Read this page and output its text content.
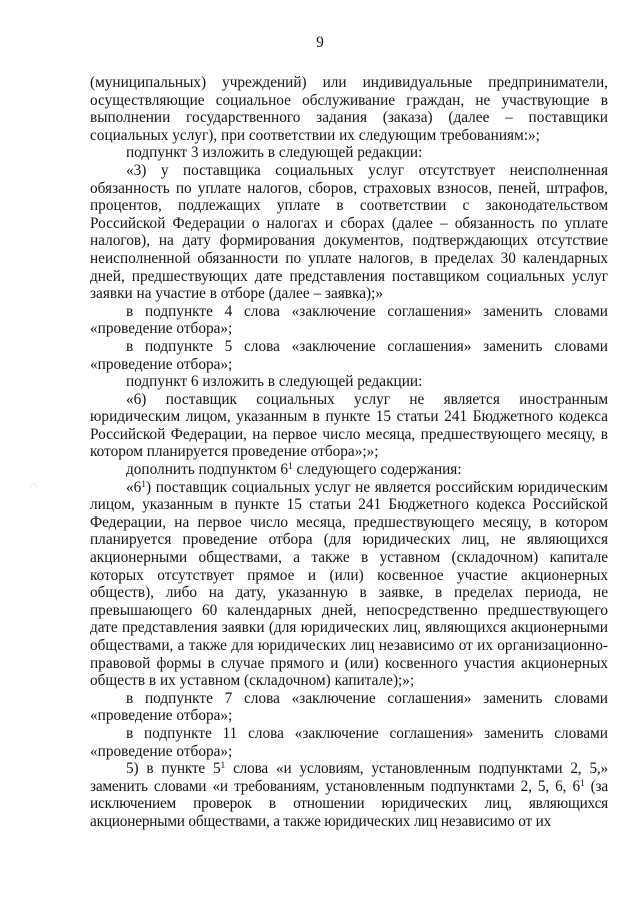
9
·ˆ·

(муниципальных) учреждений) или индивидуальные предприниматели, осуществляющие социальное обслуживание граждан, не участвующие в выполнении государственного задания (заказа) (далее – поставщики социальных услуг), при соответствии их следующим требованиям:»;

подпункт 3 изложить в следующей редакции:

«3) у поставщика социальных услуг отсутствует неисполненная обязанность по уплате налогов, сборов, страховых взносов, пеней, штрафов, процентов, подлежащих уплате в соответствии с законодательством Российской Федерации о налогах и сборах (далее – обязанность по уплате налогов), на дату формирования документов, подтверждающих отсутствие неисполненной обязанности по уплате налогов, в пределах 30 календарных дней, предшествующих дате представления поставщиком социальных услуг заявки на участие в отборе (далее – заявка);»

в подпункте 4 слова «заключение соглашения» заменить словами «проведение отбора»;

в подпункте 5 слова «заключение соглашения» заменить словами «проведение отбора»;

подпункт 6 изложить в следующей редакции:

«6) поставщик социальных услуг не является иностранным юридическим лицом, указанным в пункте 15 статьи 241 Бюджетного кодекса Российской Федерации, на первое число месяца, предшествующего месяцу, в котором планируется проведение отбора»;»;

дополнить подпунктом $6^1$ следующего содержания:

«$6^1$) поставщик социальных услуг не является российским юридическим лицом, указанным в пункте 15 статьи 241 Бюджетного кодекса Российской Федерации, на первое число месяца, предшествующего месяцу, в котором планируется проведение отбора (для юридических лиц, не являющихся акционерными обществами, а также в уставном (складочном) капитале которых отсутствует прямое и (или) косвенное участие акционерных обществ), либо на дату, указанную в заявке, в пределах периода, не превышающего 60 календарных дней, непосредственно предшествующего дате представления заявки (для юридических лиц, являющихся акционерными обществами, а также для юридических лиц независимо от их организационно-правовой формы в случае прямого и (или) косвенного участия акционерных обществ в их уставном (складочном) капитале);»;

в подпункте 7 слова «заключение соглашения» заменить словами «проведение отбора»;

в подпункте 11 слова «заключение соглашения» заменить словами «проведение отбора»;

5) в пункте $5^1$ слова «и условиям, установленным подпунктами 2, 5,» заменить словами «и требованиям, установленным подпунктами 2, 5, 6, $6^1$ (за исключением проверок в отношении юридических лиц, являющихся акционерными обществами, а также юридических лиц независимо от их
